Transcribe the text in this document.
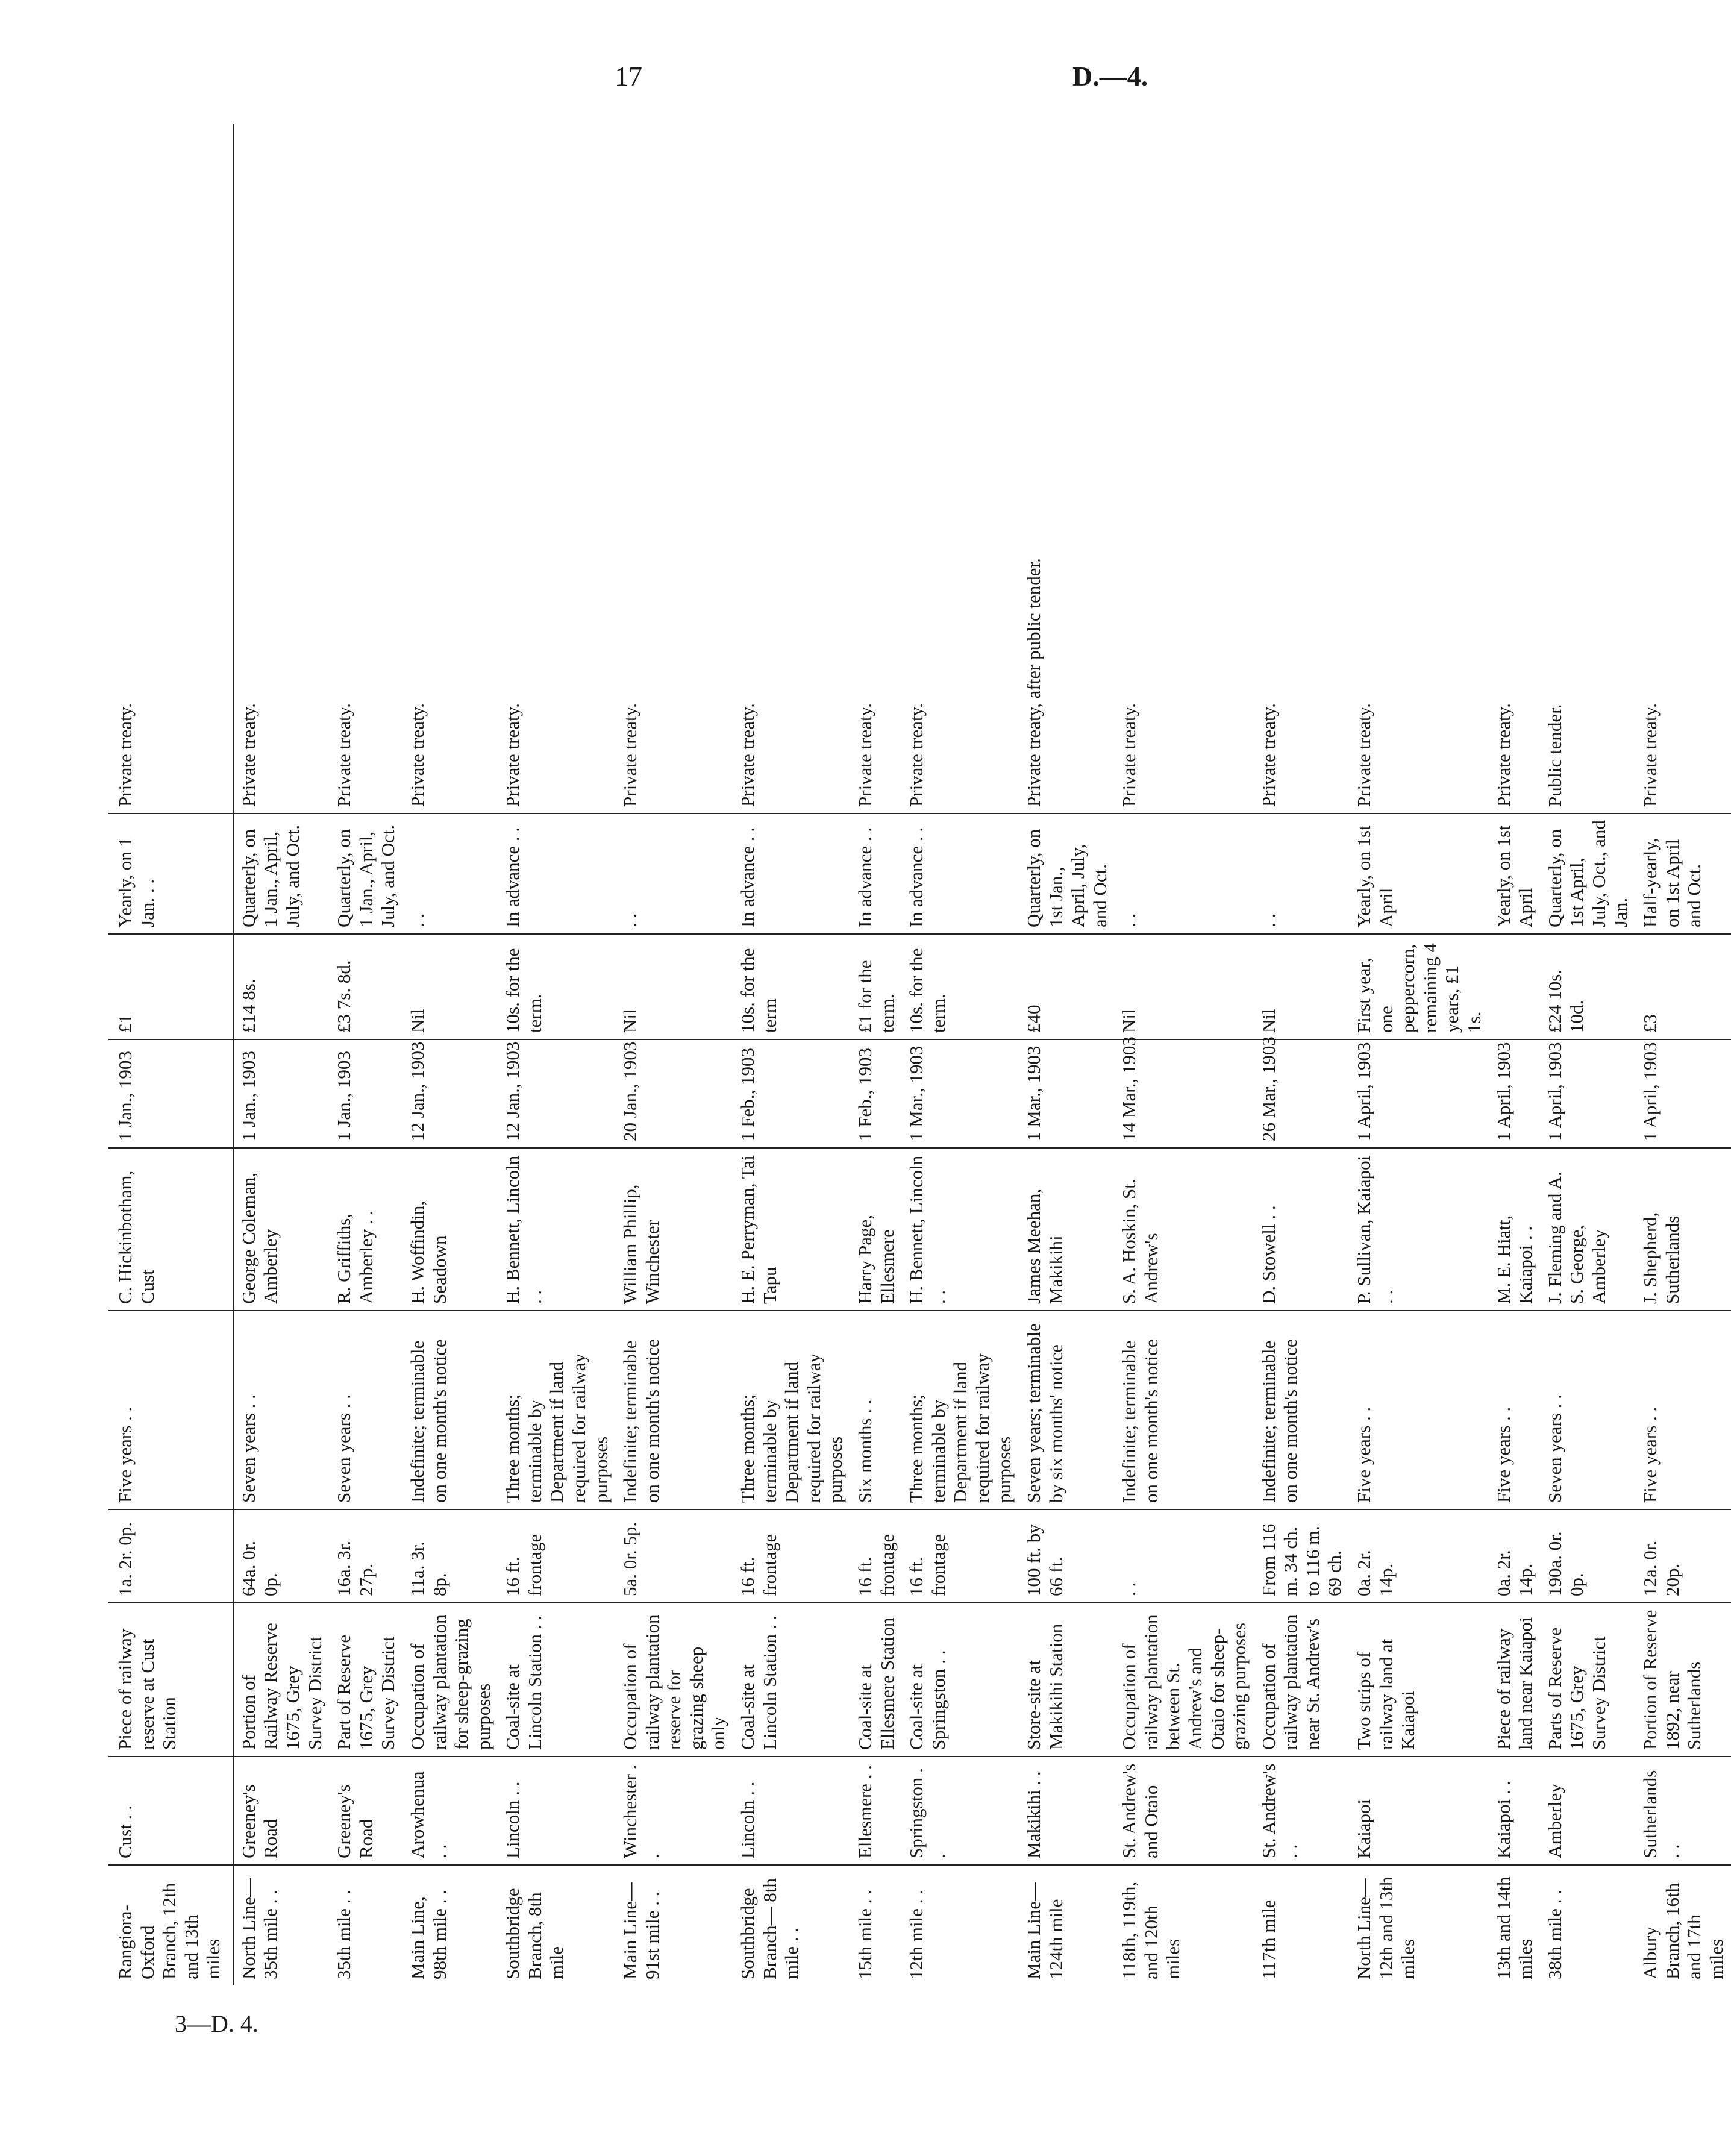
17	D.—4.
Rangiora-Oxford Branch, 12th and 13th miles	Cust . .	Piece of railway reserve at Cust Station	1a. 2r. 0p.	Five years . .	C. Hickinbotham, Cust	1 Jan., 1903	£1	Yearly, on 1 Jan. . .	Private treaty.
North Line— 35th mile . .	Greeney's Road	Portion of Railway Reserve 1675, Grey Survey District	64a. 0r. 0p.	Seven years . .	George Coleman, Amberley	1 Jan., 1903	£14 8s.	Quarterly, on 1 Jan., April, July, and Oct.	Private treaty.
35th mile . .	Greeney's Road	Part of Reserve 1675, Grey Survey District	16a. 3r. 27p.	Seven years . .	R. Griffiths, Amberley . .	1 Jan., 1903	£3 7s. 8d.	Quarterly, on 1 Jan., April, July, and Oct.	Private treaty.
Main Line, 98th mile . .	Arowhenua . .	Occupation of railway plantation for sheep-grazing purposes	11a. 3r. 8p.	Indefinite; terminable on one month's notice	H. Woffindin, Seadown	12 Jan., 1903	Nil	. .	Private treaty.
Southbridge Branch, 8th mile	Lincoln . .	Coal-site at Lincoln Station . .	16 ft. frontage	Three months; terminable by Department if land required for railway purposes	H. Bennett, Lincoln . .	12 Jan., 1903	10s. for the term.	In advance . .	Private treaty.
Main Line— 91st mile . .	Winchester . .	Occupation of railway plantation reserve for grazing sheep only	5a. 0r. 5p.	Indefinite; terminable on one month's notice	William Phillip, Winchester	20 Jan., 1903	Nil	. .	Private treaty.
Southbridge Branch— 8th mile . .	Lincoln . .	Coal-site at Lincoln Station . .	16 ft. frontage	Three months; terminable by Department if land required for railway purposes	H. E. Perryman, Tai Tapu	1 Feb., 1903	10s. for the term	In advance . .	Private treaty.
15th mile . .	Ellesmere . .	Coal-site at Ellesmere Station	16 ft. frontage	Six months . .	Harry Page, Ellesmere	1 Feb., 1903	£1 for the term.	In advance . .	Private treaty.
12th mile . .	Springston . .	Coal-site at Springston . .	16 ft. frontage	Three months; terminable by Department if land required for railway purposes	H. Bennett, Lincoln . .	1 Mar., 1903	10s. for the term.	In advance . .	Private treaty.
Main Line— 124th mile	Makikihi . .	Store-site at Makikihi Station	100 ft. by 66 ft.	Seven years; terminable by six months' notice	James Meehan, Makikihi	1 Mar., 1903	£40	Quarterly, on 1st Jan., April, July, and Oct.	Private treaty, after public tender.
118th, 119th, and 120th miles	St. Andrew's and Otaio	Occupation of railway plantation between St. Andrew's and Otaio for sheep-grazing purposes	. .	Indefinite; terminable on one month's notice	S. A. Hoskin, St. Andrew's	14 Mar., 1903	Nil	. .	Private treaty.
117th mile	St. Andrew's . .	Occupation of railway plantation near St. Andrew's	From 116 m. 34 ch. to 116 m. 69 ch.	Indefinite; terminable on one month's notice	D. Stowell . .	26 Mar., 1903	Nil	. .	Private treaty.
North Line— 12th and 13th miles	Kaiapoi	Two strips of railway land at Kaiapoi	0a. 2r. 14p.	Five years . .	P. Sullivan, Kaiapoi . .	1 April, 1903	First year, one peppercorn, remaining 4 years, £1 1s.	Yearly, on 1st April	Private treaty.
13th and 14th miles	Kaiapoi . .	Piece of railway land near Kaiapoi	0a. 2r. 14p.	Five years . .	M. E. Hiatt, Kaiapoi . .	1 April, 1903		Yearly, on 1st April	Private treaty.
38th mile . .	Amberley	Parts of Reserve 1675, Grey Survey District	190a. 0r. 0p.	Seven years . .	J. Fleming and A. S. George, Amberley	1 April, 1903	£24 10s. 10d.	Quarterly, on 1st April, July, Oct., and Jan.	Public tender.
Albury Branch, 16th and 17th miles	Sutherlands . .	Portion of Reserve 1892, near Sutherlands	12a. 0r. 20p.	Five years . .	J. Shepherd, Sutherlands	1 April, 1903	£3	Half-yearly, on 1st April and Oct.	Private treaty.
3—D. 4.
